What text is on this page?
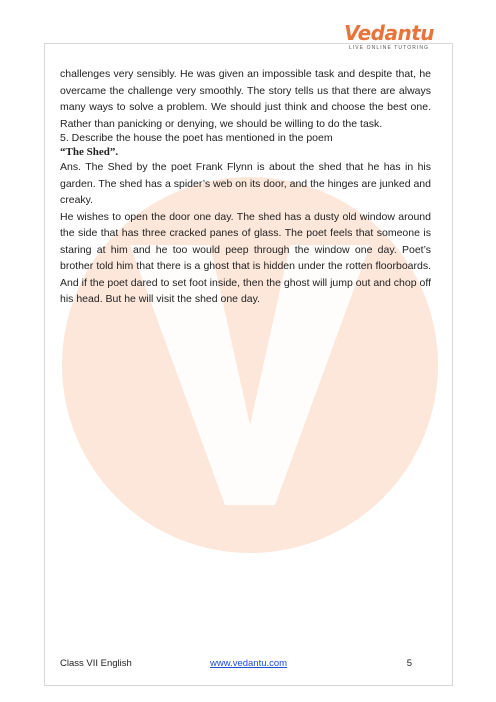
Vedantu
LIVE ONLINE TUTORING

challenges very sensibly. He was given an impossible task and despite that, he overcame the challenge very smoothly. The story tells us that there are always many ways to solve a problem. We should just think and choose the best one. Rather than panicking or denying, we should be willing to do the task.

5. Describe the house the poet has mentioned in the poem

“The Shed”.

Ans. The Shed by the poet Frank Flynn is about the shed that he has in his garden. The shed has a spider’s web on its door, and the hinges are junked and creaky.

He wishes to open the door one day. The shed has a dusty old window around the side that has three cracked panes of glass. The poet feels that someone is staring at him and he too would peep through the window one day. Poet’s brother told him that there is a ghost that is hidden under the rotten floorboards. And if the poet dared to set foot inside, then the ghost will jump out and chop off his head. But he will visit the shed one day.

Class VII English	www.vedantu.com	5
